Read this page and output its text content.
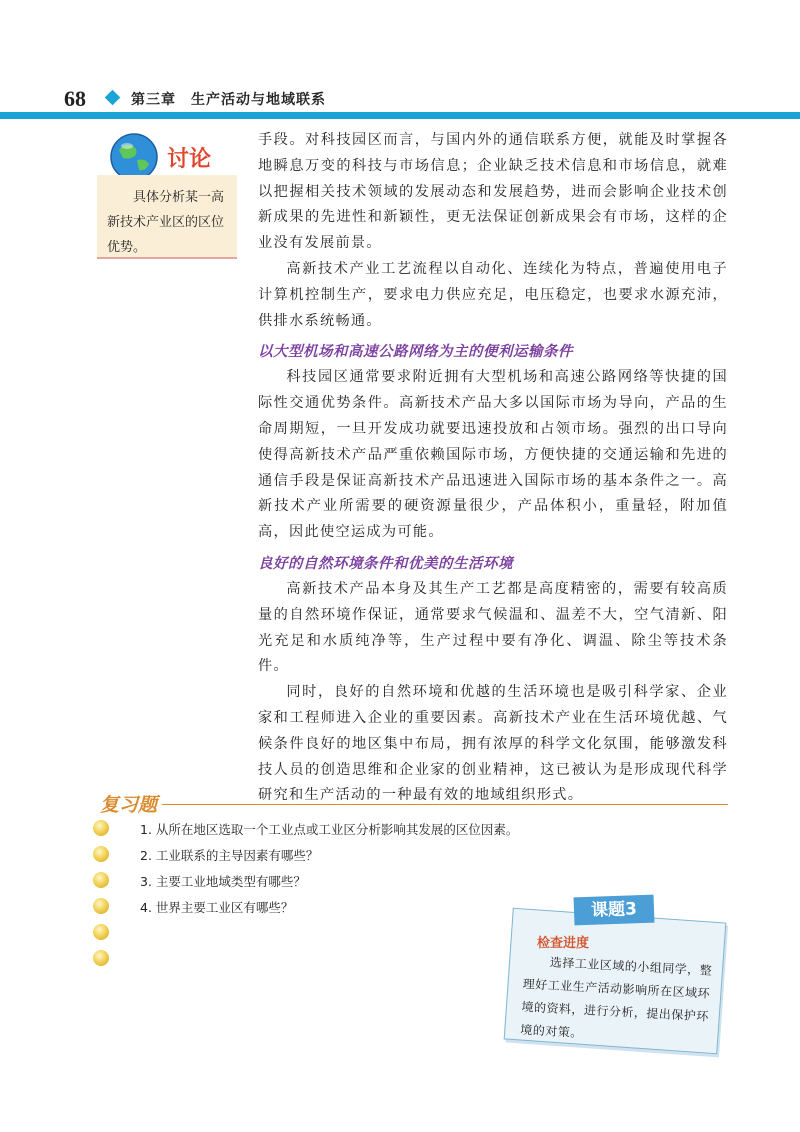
68	第三章　生产活动与地域联系
讨论
具体分析某一高新技术产业区的区位优势。

手段。对科技园区而言，与国内外的通信联系方便，就能及时掌握各地瞬息万变的科技与市场信息；企业缺乏技术信息和市场信息，就难以把握相关技术领域的发展动态和发展趋势，进而会影响企业技术创新成果的先进性和新颖性，更无法保证创新成果会有市场，这样的企业没有发展前景。

高新技术产业工艺流程以自动化、连续化为特点，普遍使用电子计算机控制生产，要求电力供应充足，电压稳定，也要求水源充沛，供排水系统畅通。

以大型机场和高速公路网络为主的便利运输条件

科技园区通常要求附近拥有大型机场和高速公路网络等快捷的国际性交通优势条件。高新技术产品大多以国际市场为导向，产品的生命周期短，一旦开发成功就要迅速投放和占领市场。强烈的出口导向使得高新技术产品严重依赖国际市场，方便快捷的交通运输和先进的通信手段是保证高新技术产品迅速进入国际市场的基本条件之一。高新技术产业所需要的硬资源量很少，产品体积小，重量轻，附加值高，因此使空运成为可能。

良好的自然环境条件和优美的生活环境

高新技术产品本身及其生产工艺都是高度精密的，需要有较高质量的自然环境作保证，通常要求气候温和、温差不大，空气清新、阳光充足和水质纯净等，生产过程中要有净化、调温、除尘等技术条件。

同时，良好的自然环境和优越的生活环境也是吸引科学家、企业家和工程师进入企业的重要因素。高新技术产业在生活环境优越、气候条件良好的地区集中布局，拥有浓厚的科学文化氛围，能够激发科技人员的创造思维和企业家的创业精神，这已被认为是形成现代科学研究和生产活动的一种最有效的地域组织形式。

复习题
1. 从所在地区选取一个工业点或工业区分析影响其发展的区位因素。
2. 工业联系的主导因素有哪些？
3. 主要工业地域类型有哪些？
4. 世界主要工业区有哪些？	课题3
检查进度
选择工业区域的小组同学，整理好工业生产活动影响所在区域环境的资料，进行分析，提出保护环境的对策。
